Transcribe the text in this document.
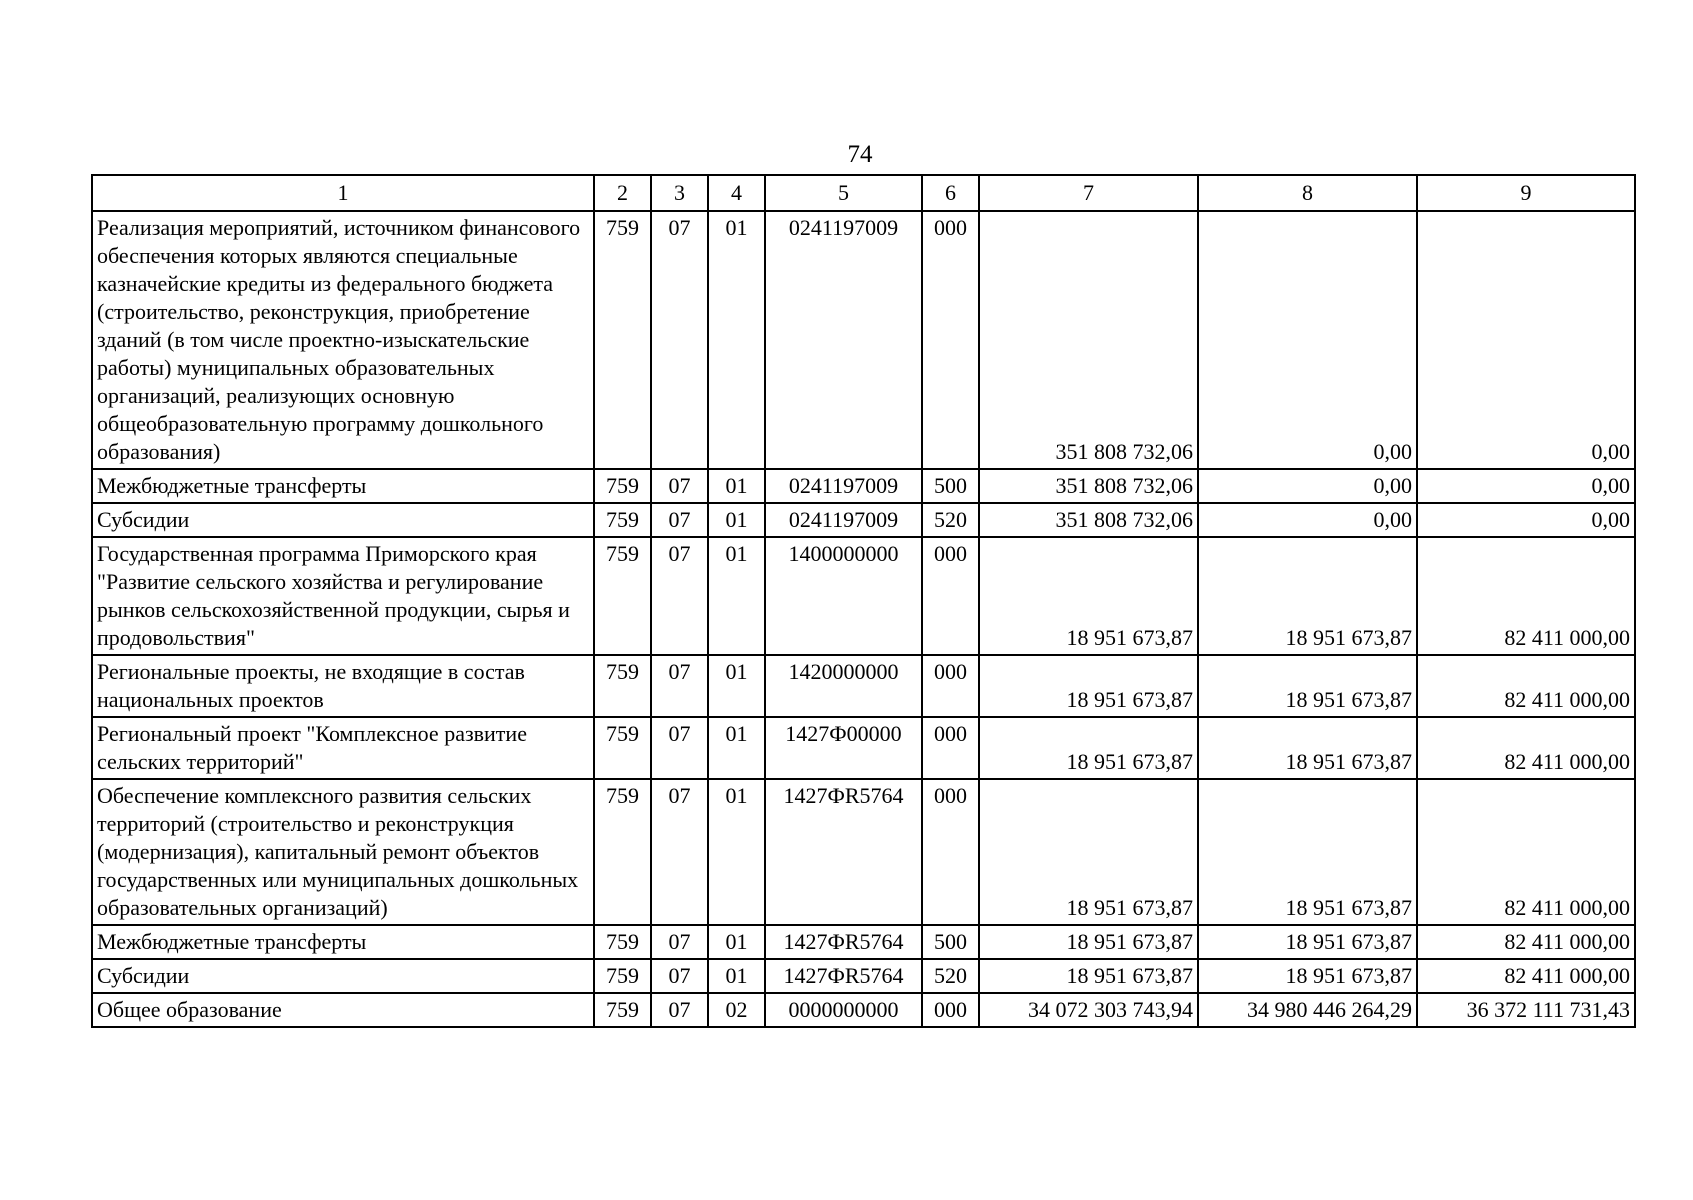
74
1	2	3	4	5	6	7	8	9
Реализация мероприятий, источником финансового обеспечения которых являются специальные казначейские кредиты из федерального бюджета (строительство, реконструкция, приобретение зданий (в том числе проектно-изыскательские работы) муниципальных образовательных организаций, реализующих основную общеобразовательную программу дошкольного образования)	759	07	01	0241197009	000	351 808 732,06	0,00	0,00
Межбюджетные трансферты	759	07	01	0241197009	500	351 808 732,06	0,00	0,00
Субсидии	759	07	01	0241197009	520	351 808 732,06	0,00	0,00
Государственная программа Приморского края "Развитие сельского хозяйства и регулирование рынков сельскохозяйственной продукции, сырья и продовольствия"	759	07	01	1400000000	000	18 951 673,87	18 951 673,87	82 411 000,00
Региональные проекты, не входящие в состав национальных проектов	759	07	01	1420000000	000	18 951 673,87	18 951 673,87	82 411 000,00
Региональный проект "Комплексное развитие сельских территорий"	759	07	01	1427Ф00000	000	18 951 673,87	18 951 673,87	82 411 000,00
Обеспечение комплексного развития сельских территорий (строительство и реконструкция (модернизация), капитальный ремонт объектов государственных или муниципальных дошкольных образовательных организаций)	759	07	01	1427ФR5764	000	18 951 673,87	18 951 673,87	82 411 000,00
Межбюджетные трансферты	759	07	01	1427ФR5764	500	18 951 673,87	18 951 673,87	82 411 000,00
Субсидии	759	07	01	1427ФR5764	520	18 951 673,87	18 951 673,87	82 411 000,00
Общее образование	759	07	02	0000000000	000	34 072 303 743,94	34 980 446 264,29	36 372 111 731,43
